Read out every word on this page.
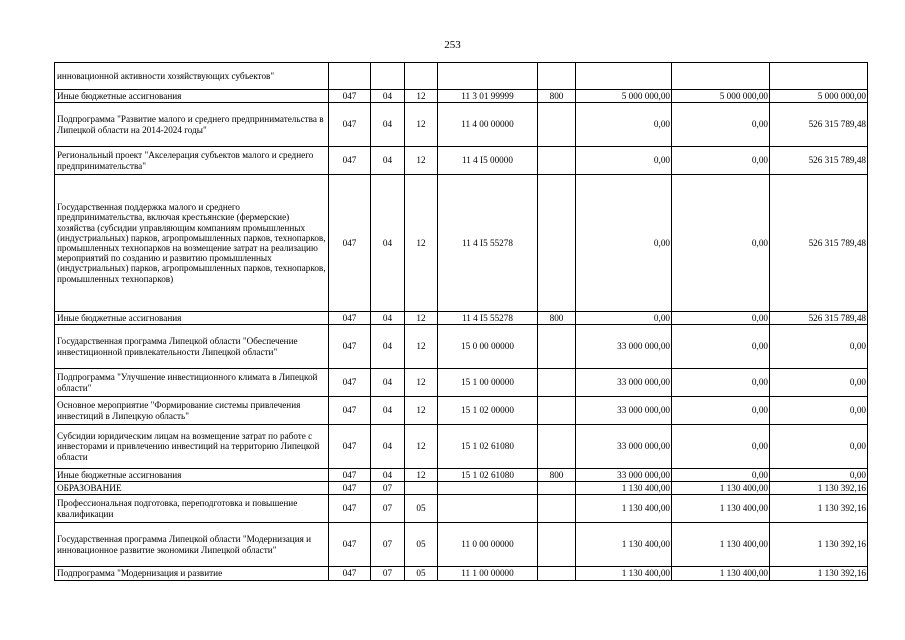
253
инновационной активности хозяйствующих субъектов"								
Иные бюджетные ассигнования	047	04	12	11 3 01 99999	800	5 000 000,00	5 000 000,00	5 000 000,00
Подпрограмма "Развитие малого и среднего предпринимательства в Липецкой области на 2014-2024 годы"	047	04	12	11 4 00 00000		0,00	0,00	526 315 789,48
Региональный проект "Акселерация субъектов малого и среднего предпринимательства"	047	04	12	11 4 I5 00000		0,00	0,00	526 315 789,48
Государственная поддержка малого и среднего предпринимательства, включая крестьянские (фермерские) хозяйства (субсидии управляющим компаниям промышленных (индустриальных) парков, агропромышленных парков, технопарков, промышленных технопарков на возмещение затрат на реализацию мероприятий по созданию и развитию промышленных (индустриальных) парков, агропромышленных парков, технопарков, промышленных технопарков)	047	04	12	11 4 I5 55278		0,00	0,00	526 315 789,48
Иные бюджетные ассигнования	047	04	12	11 4 I5 55278	800	0,00	0,00	526 315 789,48
Государственная программа Липецкой области "Обеспечение инвестиционной привлекательности Липецкой области"	047	04	12	15 0 00 00000		33 000 000,00	0,00	0,00
Подпрограмма "Улучшение инвестиционного климата в Липецкой области"	047	04	12	15 1 00 00000		33 000 000,00	0,00	0,00
Основное мероприятие "Формирование системы привлечения инвестиций в Липецкую область"	047	04	12	15 1 02 00000		33 000 000,00	0,00	0,00
Субсидии юридическим лицам на возмещение затрат по работе с инвесторами и привлечению инвестиций на территорию Липецкой области	047	04	12	15 1 02 61080		33 000 000,00	0,00	0,00
Иные бюджетные ассигнования	047	04	12	15 1 02 61080	800	33 000 000,00	0,00	0,00
ОБРАЗОВАНИЕ	047	07				1 130 400,00	1 130 400,00	1 130 392,16
Профессиональная подготовка, переподготовка и повышение квалификации	047	07	05			1 130 400,00	1 130 400,00	1 130 392,16
Государственная программа Липецкой области "Модернизация и инновационное развитие экономики Липецкой области"	047	07	05	11 0 00 00000		1 130 400,00	1 130 400,00	1 130 392,16
Подпрограмма "Модернизация и развитие	047	07	05	11 1 00 00000		1 130 400,00	1 130 400,00	1 130 392,16
